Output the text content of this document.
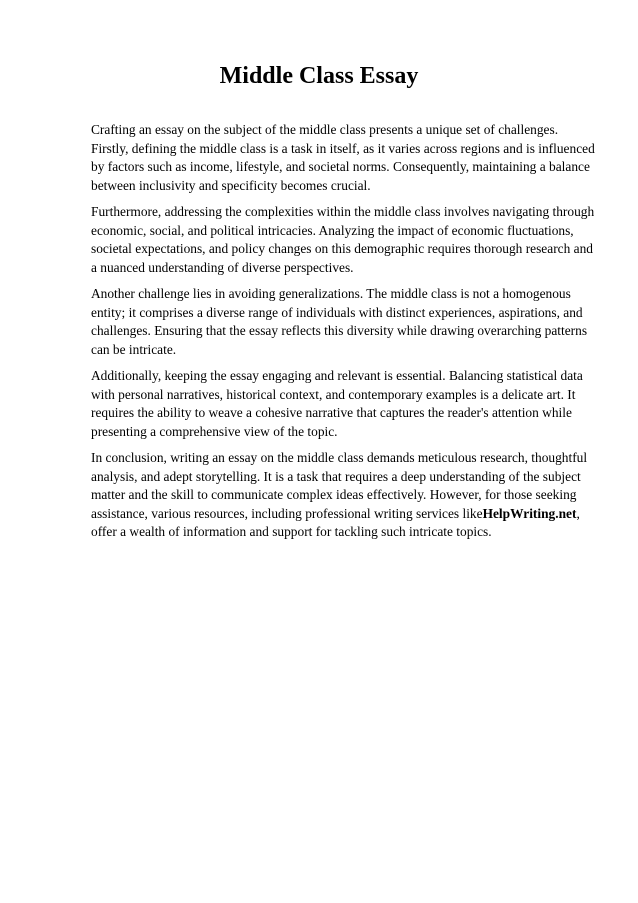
Middle Class Essay

Crafting an essay on the subject of the middle class presents a unique set of challenges. Firstly, defining the middle class is a task in itself, as it varies across regions and is influenced by factors such as income, lifestyle, and societal norms. Consequently, maintaining a balance between inclusivity and specificity becomes crucial.

Furthermore, addressing the complexities within the middle class involves navigating through economic, social, and political intricacies. Analyzing the impact of economic fluctuations, societal expectations, and policy changes on this demographic requires thorough research and a nuanced understanding of diverse perspectives.

Another challenge lies in avoiding generalizations. The middle class is not a homogenous entity; it comprises a diverse range of individuals with distinct experiences, aspirations, and challenges. Ensuring that the essay reflects this diversity while drawing overarching patterns can be intricate.

Additionally, keeping the essay engaging and relevant is essential. Balancing statistical data with personal narratives, historical context, and contemporary examples is a delicate art. It requires the ability to weave a cohesive narrative that captures the reader's attention while presenting a comprehensive view of the topic.

In conclusion, writing an essay on the middle class demands meticulous research, thoughtful analysis, and adept storytelling. It is a task that requires a deep understanding of the subject matter and the skill to communicate complex ideas effectively. However, for those seeking assistance, various resources, including professional writing services likeHelpWriting.net, offer a wealth of information and support for tackling such intricate topics.
